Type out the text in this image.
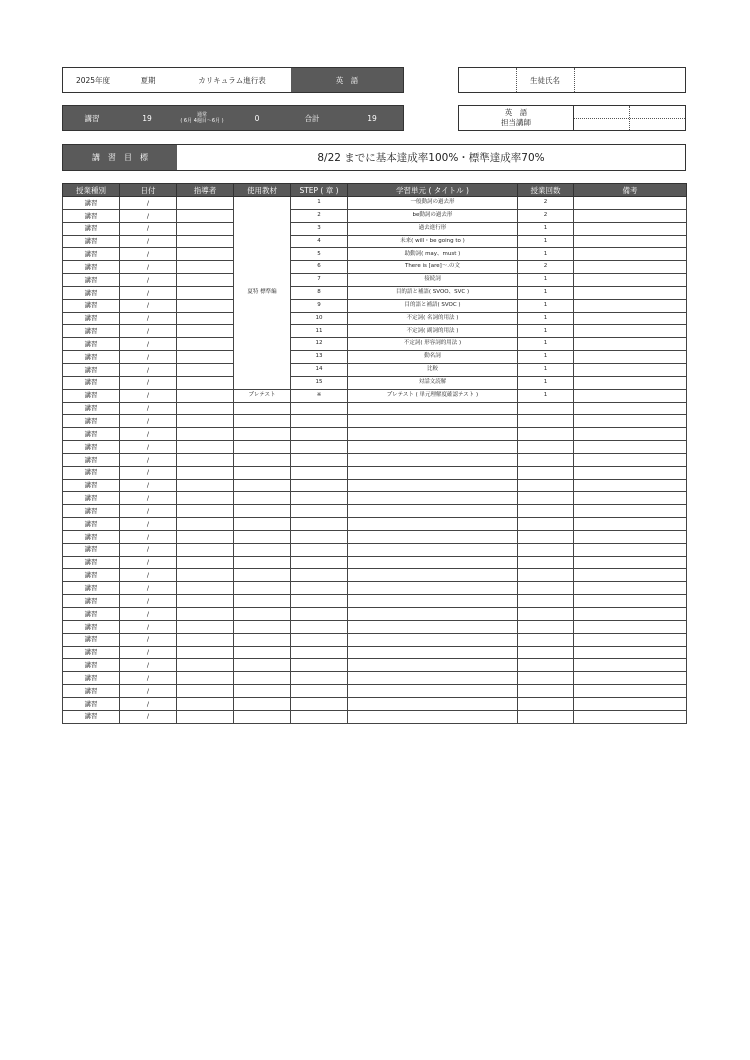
2025年度	夏期	カリキュラム進行表	英　語	生徒氏名
講習	19	通常
( 6月 4週目〜6月 )	0	合計	19
英　語
担当講師
講　習　目　標	8/22 までに基本達成率100%・標準達成率70%
授業種別	日付	指導者	使用教材	STEP ( 章 )	学習単元 ( タイトル )	授業回数	備考
講習	/		夏特 標準編	1	一般動詞の過去形	2	
講習	/			2	be動詞の過去形	2	
講習	/			3	過去進行形	1	
講習	/			4	未来( will・be going to )	1	
講習	/			5	助動詞( may、must )	1	
講習	/			6	There is [are]〜.の文	2	
講習	/			7	接続詞	1	
講習	/			8	目的語と補語( SVOO、SVC )	1	
講習	/			9	目的語と補語( SVOC )	1	
講習	/			10	不定詞( 名詞的用法 )	1	
講習	/			11	不定詞( 副詞的用法 )	1	
講習	/			12	不定詞( 形容詞的用法 )	1	
講習	/			13	動名詞	1	
講習	/			14	比較	1	
講習	/			15	対話文読解	1	
講習	/		プレテスト	※	プレテスト ( 単元理解度確認テスト )	1	
講習	/						
講習	/						
講習	/						
講習	/						
講習	/						
講習	/						
講習	/						
講習	/						
講習	/						
講習	/						
講習	/						
講習	/						
講習	/						
講習	/						
講習	/						
講習	/						
講習	/						
講習	/						
講習	/						
講習	/						
講習	/						
講習	/						
講習	/						
講習	/						
講習	/						
